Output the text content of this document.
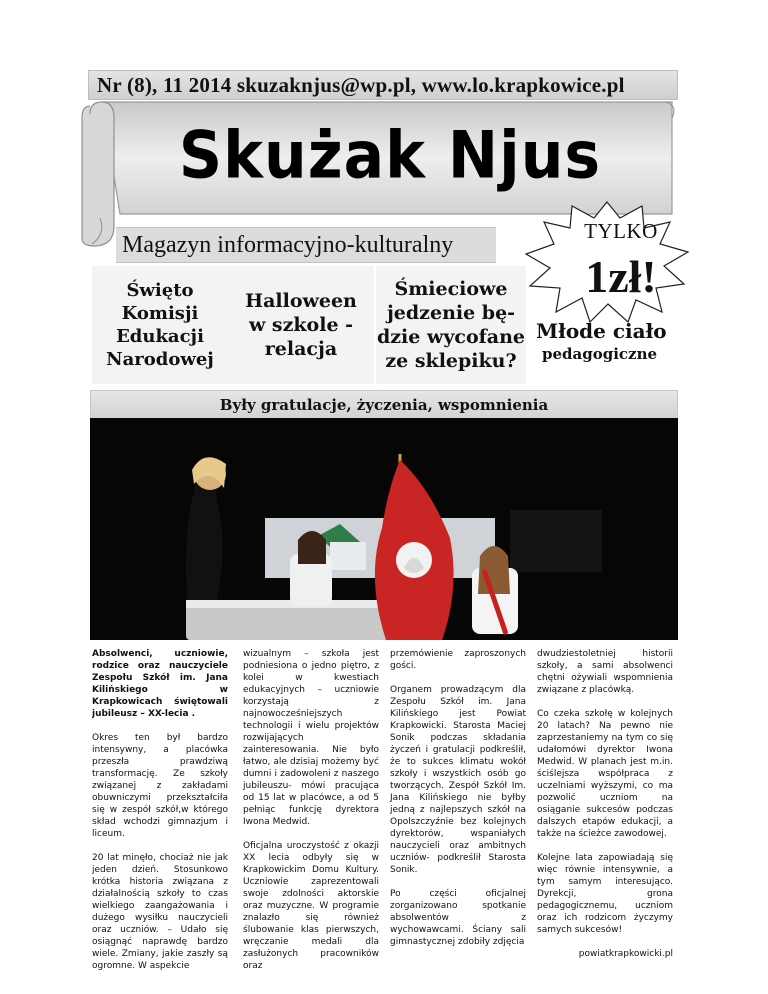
Nr (8), 11 2014 skuzaknjus@wp.pl, www.lo.krapkowice.pl
Skużak Njus
Magazyn informacyjno-kulturalny
TYLKO
1zł!
Święto
Komisji
Edukacji
Narodowej
Halloween
w szkole -
relacja
Śmieciowe
jedzenie bę-
dzie wycofane
ze sklepiku?
Młode ciało
pedagogiczne
Były gratulacje, życzenia, wspomnienia

Absolwenci, uczniowie, rodzice oraz nauczyciele Zespołu Szkół im. Jana Kilińskiego w Krapkowicach świętowali jubileusz – XX-lecia .

Okres ten był bardzo intensywny, a placówka przeszła prawdziwą transformację. Ze szkoły związanej z zakładami obuwniczymi przekształciła się w zespół szkół,w którego skład wchodzi gimnazjum i liceum.

20 lat minęło, chociaż nie jak jeden dzień. Stosunkowo krótka historia związana z działalnością szkoły to czas wielkiego zaangażowania i dużego wysiłku nauczycieli oraz uczniów. – Udało się osiągnąć naprawdę bardzo wiele. Zmiany, jakie zaszły są ogromne. W aspekcie

wizualnym – szkoła jest podniesiona o jedno piętro, z kolei w kwestiach edukacyjnych – uczniowie korzystają z najnowocześniejszych technologii i wielu projektów rozwijających zainteresowania. Nie było łatwo, ale dzisiaj możemy być dumni i zadowoleni z naszego jubileuszu- mówi pracująca od 15 lat w placówce, a od 5 pełniąc funkcję dyrektora Iwona Medwid.

Oficjalna uroczystość z okazji XX lecia odbyły się w Krapkowickim Domu Kultury. Uczniowie zaprezentowali swoje zdolności aktorskie oraz muzyczne. W programie znalazło się również ślubowanie klas pierwszych, wręczanie medali dla zasłużonych pracowników oraz

przemówienie zaproszonych gości.

Organem prowadzącym dla Zespołu Szkół im. Jana Kilińskiego jest Powiat Krapkowicki. Starosta Maciej Sonik podczas składania życzeń i gratulacji podkreślił, że to sukces klimatu wokół szkoły i wszystkich osób go tworzących. Zespół Szkół Im. Jana Kilińskiego nie byłby jedną z najlepszych szkół na Opolszczyźnie bez kolejnych dyrektorów, wspaniałych nauczycieli oraz ambitnych uczniów- podkreślił Starosta Sonik.

Po części oficjalnej zorganizowano spotkanie absolwentów z wychowawcami. Ściany sali gimnastycznej zdobiły zdjęcia

dwudziestoletniej historii szkoły, a sami absolwenci chętni ożywiali wspomnienia związane z placówką.

Co czeka szkołę w kolejnych 20 latach? Na pewno nie zaprzestaniemy na tym co się udałomówi dyrektor Iwona Medwid. W planach jest m.in. ściślejsza współpraca z uczelniami wyższymi, co ma pozwolić uczniom na osiąganie sukcesów podczas dalszych etapów edukacji, a także na ścieżce zawodowej.

Kolejne lata zapowiadają się więc równie intensywnie, a tym samym interesująco. Dyrekcji, grona pedagogicznemu, uczniom oraz ich rodzicom życzymy samych sukcesów!

powiatkrapkowicki.pl
